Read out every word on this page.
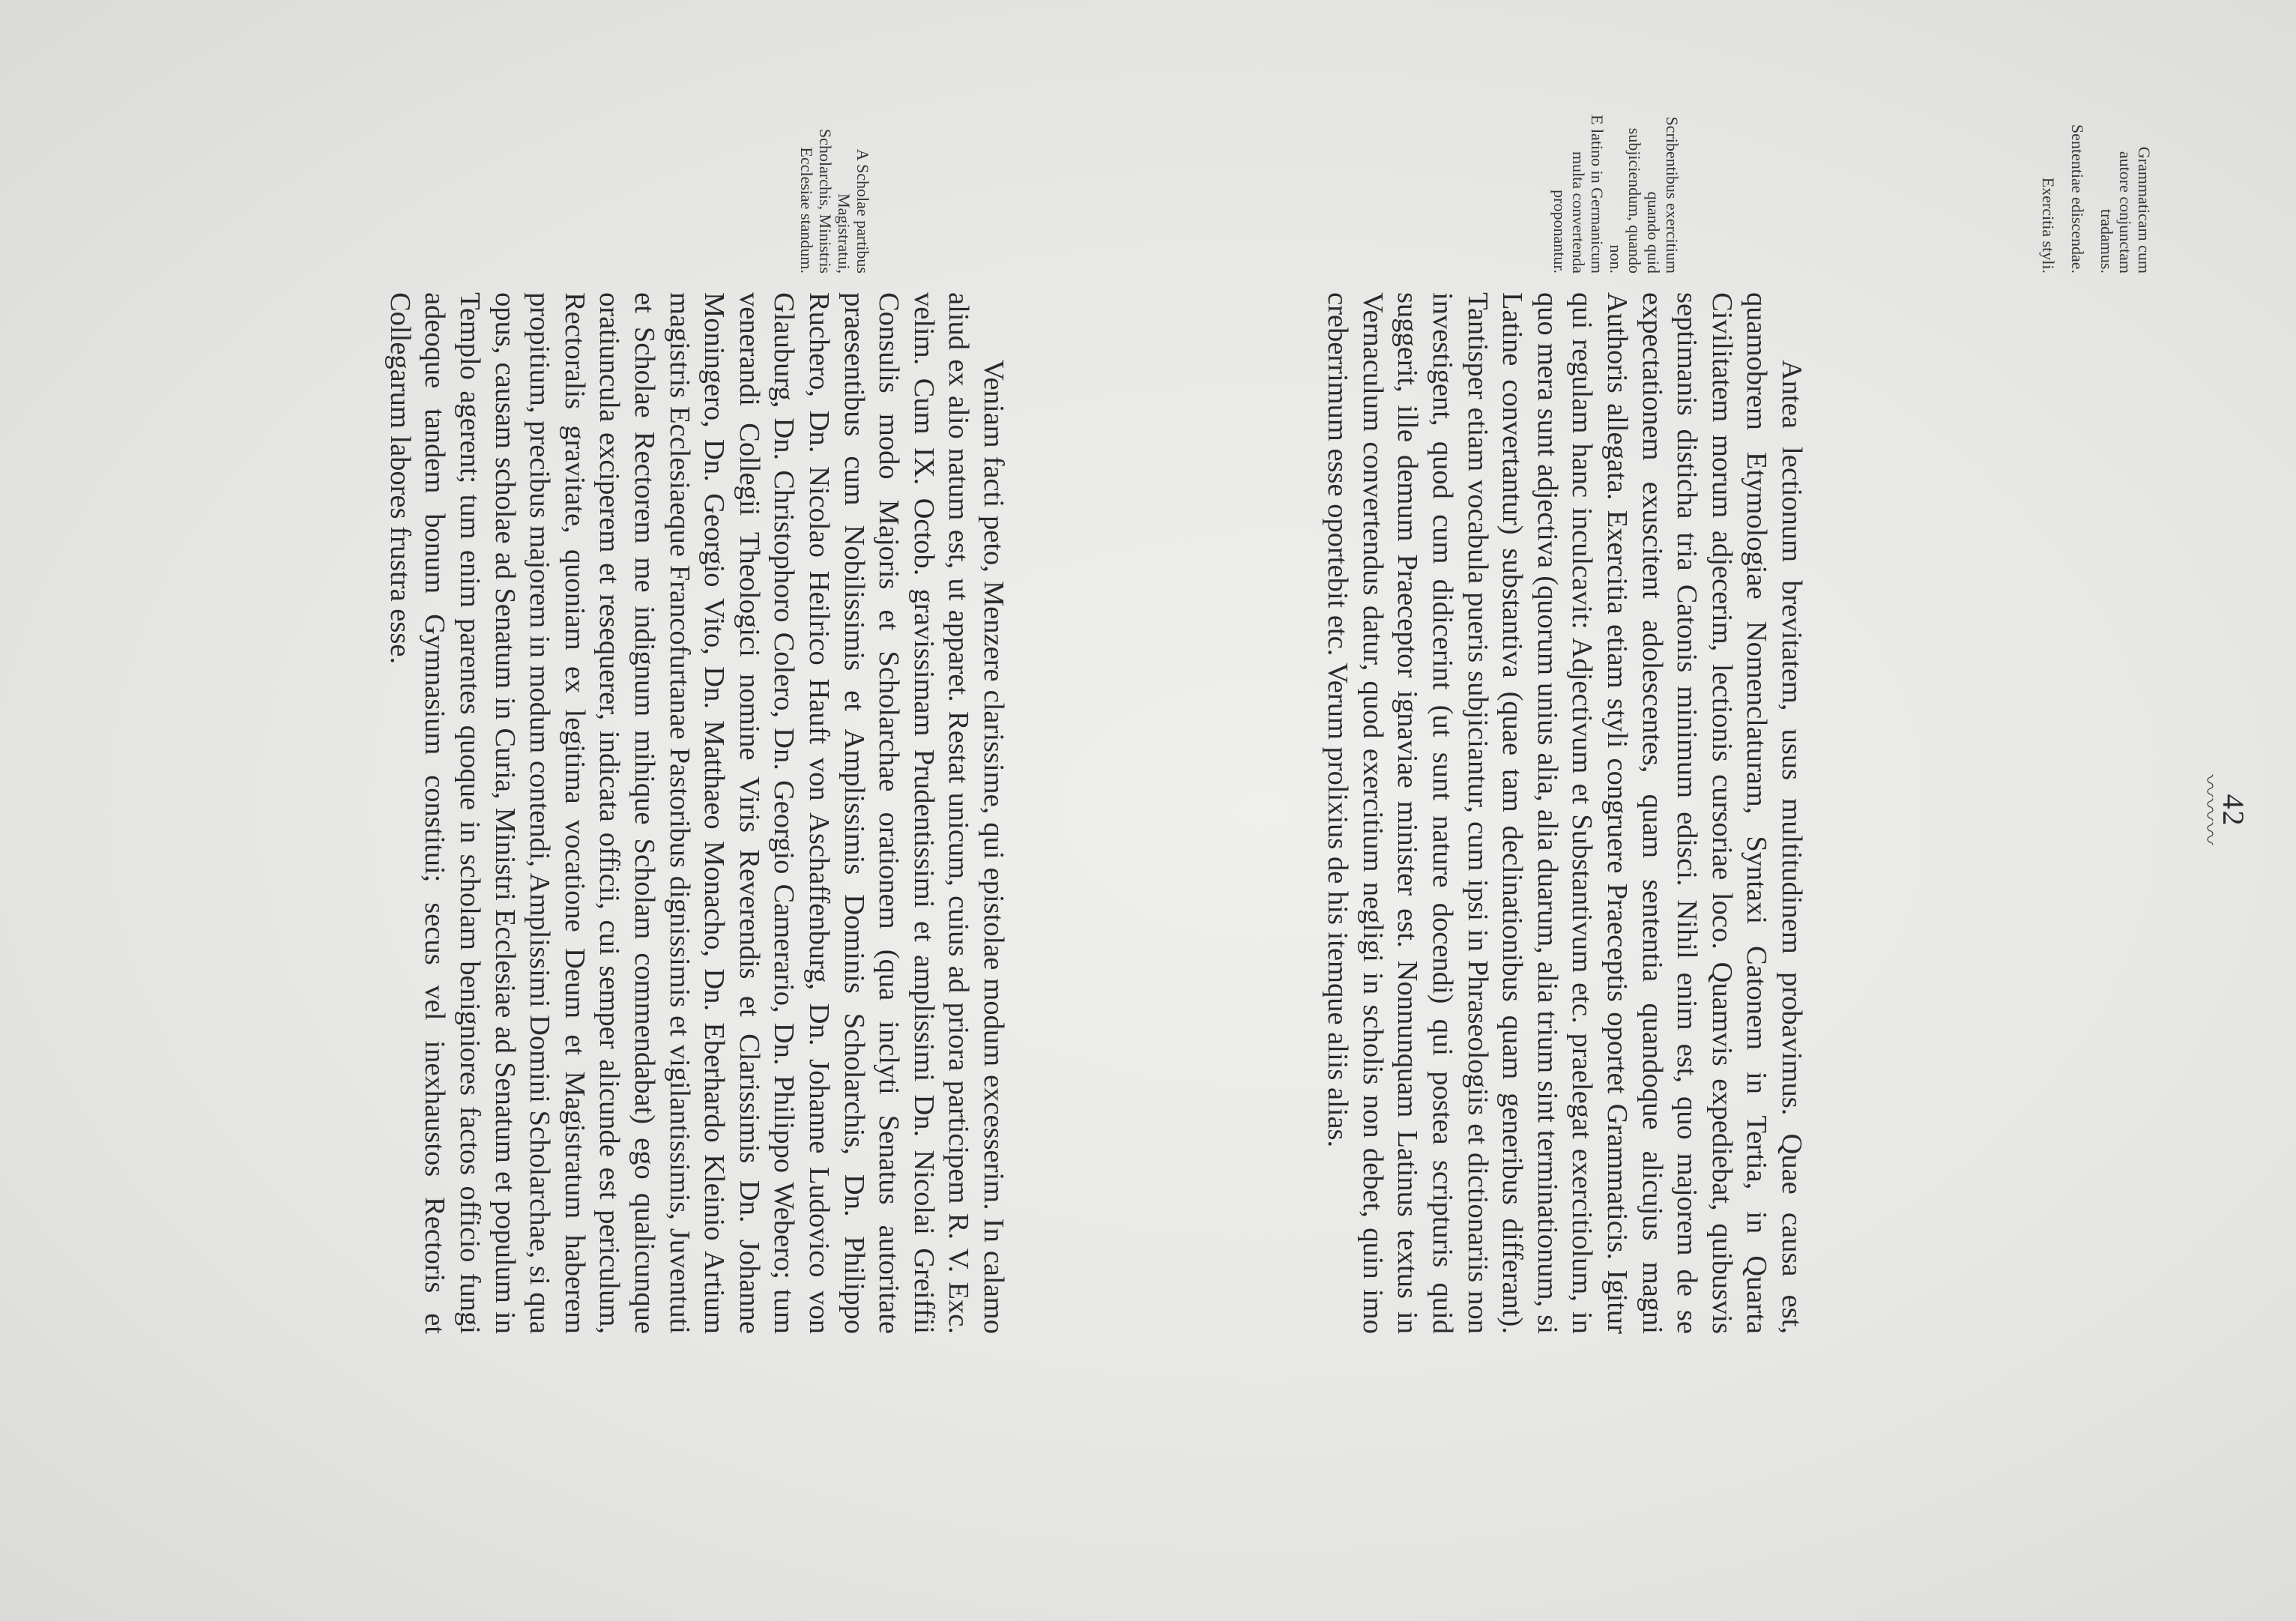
42
〰〰〰
Grammaticam cum autore conjunctam tradamus.
Sententiae ediscendae.
Exercitia styli.
Scribentibus exercitium quando quid subjiciendum, quando non.
E latino in Germanicum multa convertenda proponantur.
A Scholae partibus Magistratui, Scholarchis, Ministris Ecclesiae standum.

Antea lectionum brevitatem, usus multitudinem probavimus. Quae causa est, quamobrem Etymologiae Nomenclaturam, Syntaxi Catonem in Tertia, in Quarta Civilitatem morum adjecerim, lectionis cursoriae loco. Quamvis expediebat, quibusvis septimanis disticha tria Catonis minimum edisci. Nihil enim est, quo majorem de se expectationem exuscitent adolescentes, quam sententia quandoque alicujus magni Authoris allegata. Exercitia etiam styli congruere Praeceptis oportet Grammaticis. Igitur qui regulam hanc inculcavit: Adjectivum et Substantivum etc. praelegat exercitiolum, in quo mera sunt adjectiva (quorum unius alia, alia duarum, alia trium sint terminationum, si Latine convertantur) substantiva (quae tam declinationibus quam generibus differant). Tantisper etiam vocabula pueris subjiciantur, cum ipsi in Phraseologiis et dictionariis non investigent, quod cum didicerint (ut sunt nature docendi) qui postea scripturis quid suggerit, ille demum Praeceptor ignaviae minister est. Nonnunquam Latinus textus in Vernaculum convertendus datur, quod exercitium negligi in scholis non debet, quin imo creberrimum esse oportebit etc. Verum prolixius de his itemque aliis alias.

Veniam facti peto, Menzere clarissime, qui epistolae modum excesserim. In calamo aliud ex alio natum est, ut apparet. Restat unicum, cuius ad priora participem R. V. Exc. velim. Cum IX. Octob. gravissimam Prudentissimi et amplissimi Dn. Nicolai Greiffii Consulis modo Majoris et Scholarchae orationem (qua inclyti Senatus autoritate praesentibus cum Nobilissimis et Amplissimis Dominis Scholarchis, Dn. Philippo Ruchero, Dn. Nicolao Heilrico Hauft von Aschaffenburg, Dn. Johanne Ludovico von Glauburg, Dn. Christophoro Colero, Dn. Georgio Camerario, Dn. Philippo Webero; tum venerandi Collegii Theologici nomine Viris Reverendis et Clarissimis Dn. Johanne Moningero, Dn. Georgio Vito, Dn. Matthaeo Monacho, Dn. Eberhardo Kleinio Artium magistris Ecclesiaeque Francofurtanae Pastoribus dignissimis et vigilantissimis, Juventuti et Scholae Rectorem me indignum mihique Scholam commendabat) ego qualicunque oratiuncula exciperem et resequerer, indicata officii, cui semper alicunde est periculum, Rectoralis gravitate, quoniam ex legitima vocatione Deum et Magistratum haberem propitium, precibus majorem in modum contendi, Amplissimi Domini Scholarchae, si qua opus, causam scholae ad Senatum in Curia, Ministri Ecclesiae ad Senatum et populum in Templo agerent; tum enim parentes quoque in scholam benigniores factos officio fungi adeoque tandem bonum Gymnasium constitui; secus vel inexhaustos Rectoris et Collegarum labores frustra esse.
